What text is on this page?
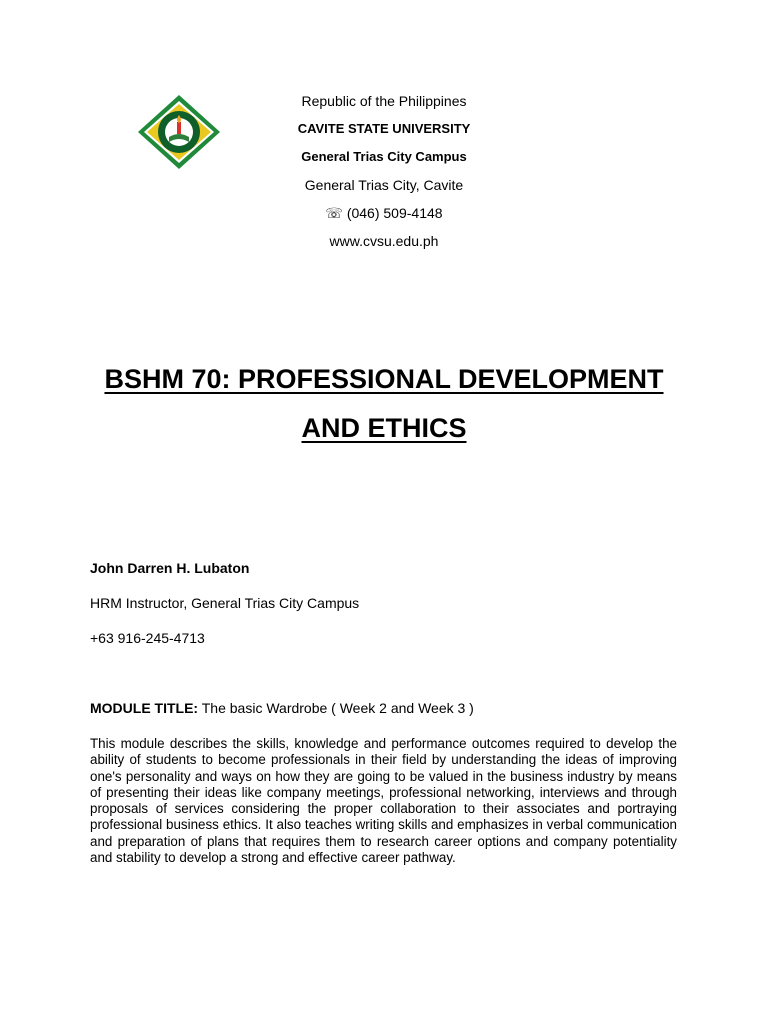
Republic of the Philippines
CAVITE STATE UNIVERSITY
General Trias City Campus
General Trias City, Cavite
☏ (046) 509-4148
www.cvsu.edu.ph
BSHM 70: PROFESSIONAL DEVELOPMENT
AND ETHICS
John Darren H. Lubaton
HRM Instructor, General Trias City Campus
+63 916-245-4713
MODULE TITLE: The basic Wardrobe ( Week 2 and Week 3 )
This module describes the skills, knowledge and performance outcomes required to develop the ability of students to become professionals in their field by understanding the ideas of improving one's personality and ways on how they are going to be valued in the business industry by means of presenting their ideas like company meetings, professional networking, interviews and through proposals of services considering the proper collaboration to their associates and portraying professional business ethics. It also teaches writing skills and emphasizes in verbal communication and preparation of plans that requires them to research career options and company potentiality and stability to develop a strong and effective career pathway.
